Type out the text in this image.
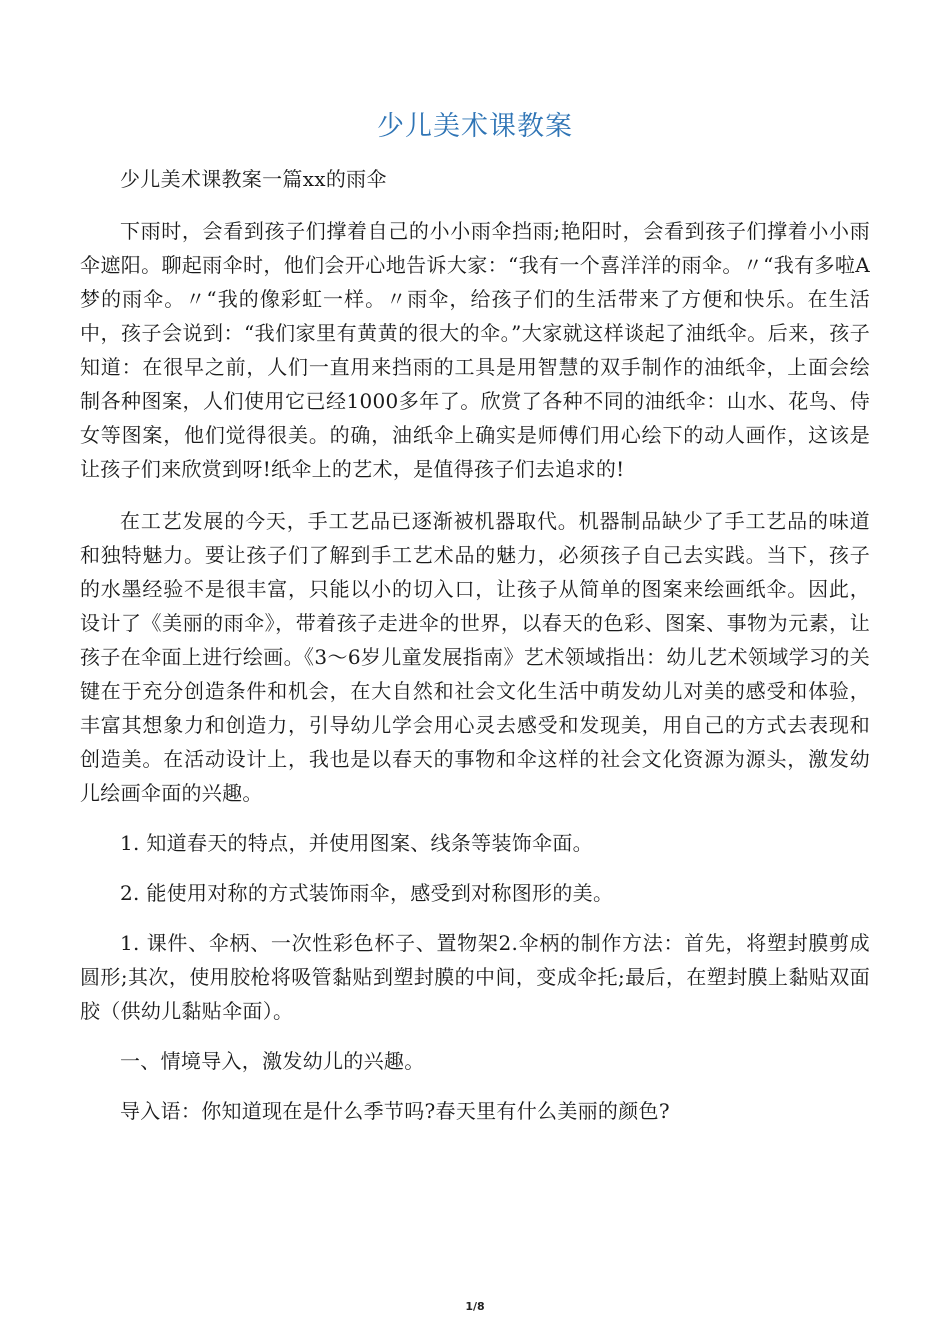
少儿美术课教案

少儿美术课教案一篇xx的雨伞

下雨时，会看到孩子们撑着自己的小小雨伞挡雨;艳阳时，会看到孩子们撑着小小雨伞遮阳。聊起雨伞时，他们会开心地告诉大家：“我有一个喜洋洋的雨伞。〃“我有多啦A梦的雨伞。〃“我的像彩虹一样。〃雨伞，给孩子们的生活带来了方便和快乐。在生活中，孩子会说到：“我们家里有黄黄的很大的伞。”大家就这样谈起了油纸伞。后来，孩子知道：在很早之前，人们一直用来挡雨的工具是用智慧的双手制作的油纸伞，上面会绘制各种图案，人们使用它已经1000多年了。欣赏了各种不同的油纸伞：山水、花鸟、侍女等图案，他们觉得很美。的确，油纸伞上确实是师傅们用心绘下的动人画作，这该是让孩子们来欣赏到呀!纸伞上的艺术，是值得孩子们去追求的!

在工艺发展的今天，手工艺品已逐渐被机器取代。机器制品缺少了手工艺品的味道和独特魅力。要让孩子们了解到手工艺术品的魅力，必须孩子自己去实践。当下，孩子的水墨经验不是很丰富，只能以小的切入口，让孩子从简单的图案来绘画纸伞。因此，设计了《美丽的雨伞》，带着孩子走进伞的世界，以春天的色彩、图案、事物为元素，让孩子在伞面上进行绘画。《3〜6岁儿童发展指南》艺术领域指出：幼儿艺术领域学习的关键在于充分创造条件和机会，在大自然和社会文化生活中萌发幼儿对美的感受和体验，丰富其想象力和创造力，引导幼儿学会用心灵去感受和发现美，用自己的方式去表现和创造美。在活动设计上，我也是以春天的事物和伞这样的社会文化资源为源头，激发幼儿绘画伞面的兴趣。

1. 知道春天的特点，并使用图案、线条等装饰伞面。

2. 能使用对称的方式装饰雨伞，感受到对称图形的美。

1. 课件、伞柄、一次性彩色杯子、置物架2.伞柄的制作方法：首先，将塑封膜剪成圆形;其次，使用胶枪将吸管黏贴到塑封膜的中间，变成伞托;最后，在塑封膜上黏贴双面胶（供幼儿黏贴伞面）。

一、情境导入，激发幼儿的兴趣。

导入语：你知道现在是什么季节吗?春天里有什么美丽的颜色?

1/8
